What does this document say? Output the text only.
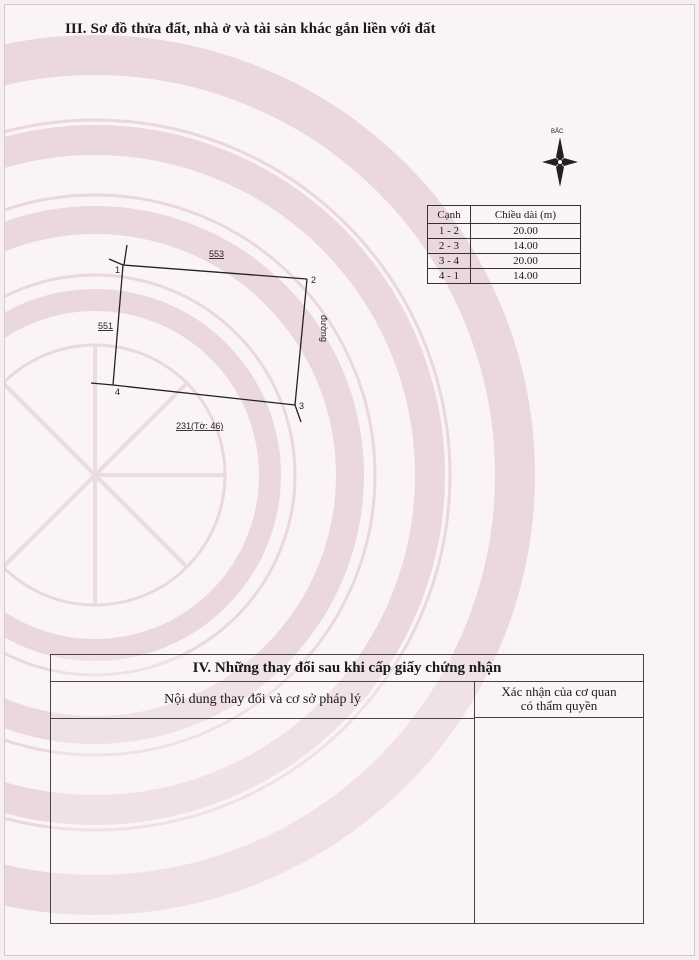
III. Sơ đồ thửa đất, nhà ở và tài sản khác gắn liền với đất
BẮC
Cạnh	Chiều dài (m)
1 - 2	20.00
2 - 3	14.00
3 - 4	20.00
4 - 1	14.00
1
2
3
4
553
551	đường
231(Tờ: 46)
IV. Những thay đổi sau khi cấp giấy chứng nhận
Nội dung thay đổi và cơ sở pháp lý
Xác nhận của cơ quan
có thẩm quyền
